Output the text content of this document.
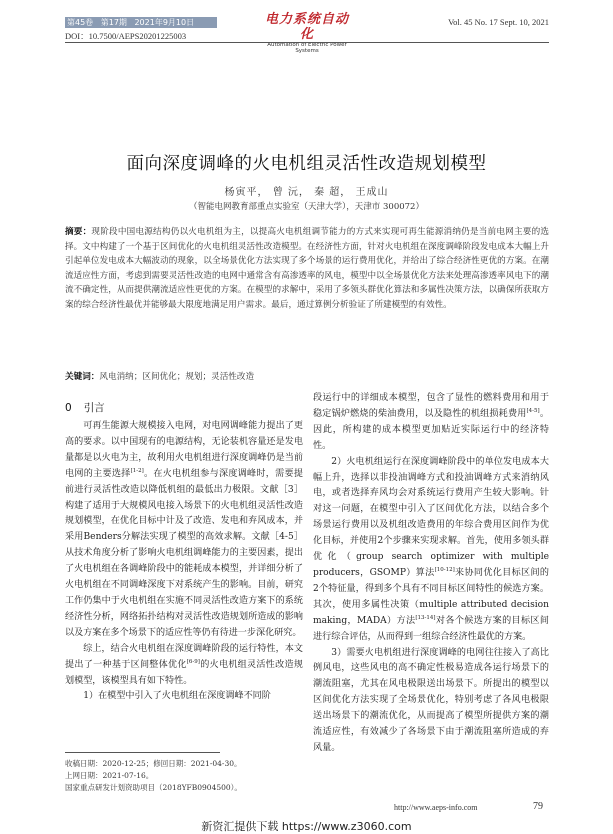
第45卷 第17期 2021年9月10日
DOI：10.7500/AEPS20201225003
电力系统自动化
Automation of Electric Power Systems
Vol. 45 No. 17 Sept. 10, 2021
面向深度调峰的火电机组灵活性改造规划模型
杨寅平， 曾 沅， 秦 超， 王成山
（智能电网教育部重点实验室（天津大学），天津市 300072）
摘要：现阶段中国电源结构仍以火电机组为主，以提高火电机组调节能力的方式来实现可再生能源消纳仍是当前电网主要的选择。文中构建了一个基于区间优化的火电机组灵活性改造模型。在经济性方面，针对火电机组在深度调峰阶段发电成本大幅上升引起单位发电成本大幅波动的现象，以全场景优化方法实现了多个场景的运行费用优化，并给出了综合经济性更优的方案。在潮流适应性方面，考虑到需要灵活性改造的电网中通常含有高渗透率的风电，模型中以全场景优化方法来处理高渗透率风电下的潮流不确定性，从而提供潮流适应性更优的方案。在模型的求解中，采用了多领头群优化算法和多属性决策方法，以确保所获取方案的综合经济性最优并能够最大限度地满足用户需求。最后，通过算例分析验证了所建模型的有效性。
关键词：风电消纳；区间优化；规划；灵活性改造
0 引言

可再生能源大规模接入电网，对电网调峰能力提出了更高的要求。以中国现有的电源结构，无论装机容量还是发电量都是以火电为主，故利用火电机组进行深度调峰仍是当前电网的主要选择[1-2]。在火电机组参与深度调峰时，需要提前进行灵活性改造以降低机组的最低出力极限。文献［3］构建了适用于大规模风电接入场景下的火电机组灵活性改造规划模型，在优化目标中计及了改造、发电和弃风成本，并采用Benders分解法实现了模型的高效求解。文献［4-5］从技术角度分析了影响火电机组调峰能力的主要因素，提出了火电机组在各调峰阶段中的能耗成本模型，并详细分析了火电机组在不同调峰深度下对系统产生的影响。目前，研究工作仍集中于火电机组在实施不同灵活性改造方案下的系统经济性分析，网络拓扑结构对灵活性改造规划所造成的影响以及方案在多个场景下的适应性等仍有待进一步深化研究。

综上，结合火电机组在深度调峰阶段的运行特性，本文提出了一种基于区间整体优化[6-9]的火电机组灵活性改造规划模型，该模型具有如下特性。

1）在模型中引入了火电机组在深度调峰不同阶

段运行中的详细成本模型，包含了显性的燃料费用和用于稳定锅炉燃烧的柴油费用，以及隐性的机组损耗费用[4-5]。因此，所构建的成本模型更加贴近实际运行中的经济特性。

2）火电机组运行在深度调峰阶段中的单位发电成本大幅上升，选择以非投油调峰方式和投油调峰方式来消纳风电，或者选择弃风均会对系统运行费用产生较大影响。针对这一问题，在模型中引入了区间优化方法，以结合多个场景运行费用以及机组改造费用的年综合费用区间作为优化目标，并使用2个步骤来实现求解。首先，使用多领头群优化（group search optimizer with multiple producers，GSOMP）算法[10-12]来协同优化目标区间的2个特征量，得到多个具有不同目标区间特性的候选方案。其次，使用多属性决策（multiple attributed decision making，MADA）方法[13-14]对各个候选方案的目标区间进行综合评估，从而得到一组综合经济性最优的方案。

3）需要火电机组进行深度调峰的电网往往接入了高比例风电，这些风电的高不确定性极易造成各运行场景下的潮流阻塞，尤其在风电极限送出场景下。所提出的模型以区间优化方法实现了全场景优化，特别考虑了各风电极限送出场景下的潮流优化，从而提高了模型所提供方案的潮流适应性，有效减少了各场景下由于潮流阻塞所造成的弃风量。

收稿日期：2020-12-25；修回日期：2021-04-30。
上网日期：2021-07-16。
国家重点研发计划资助项目（2018YFB0904500）。
http://www.aeps-info.com	79
新资汇提供下载 https://www.z3060.com
